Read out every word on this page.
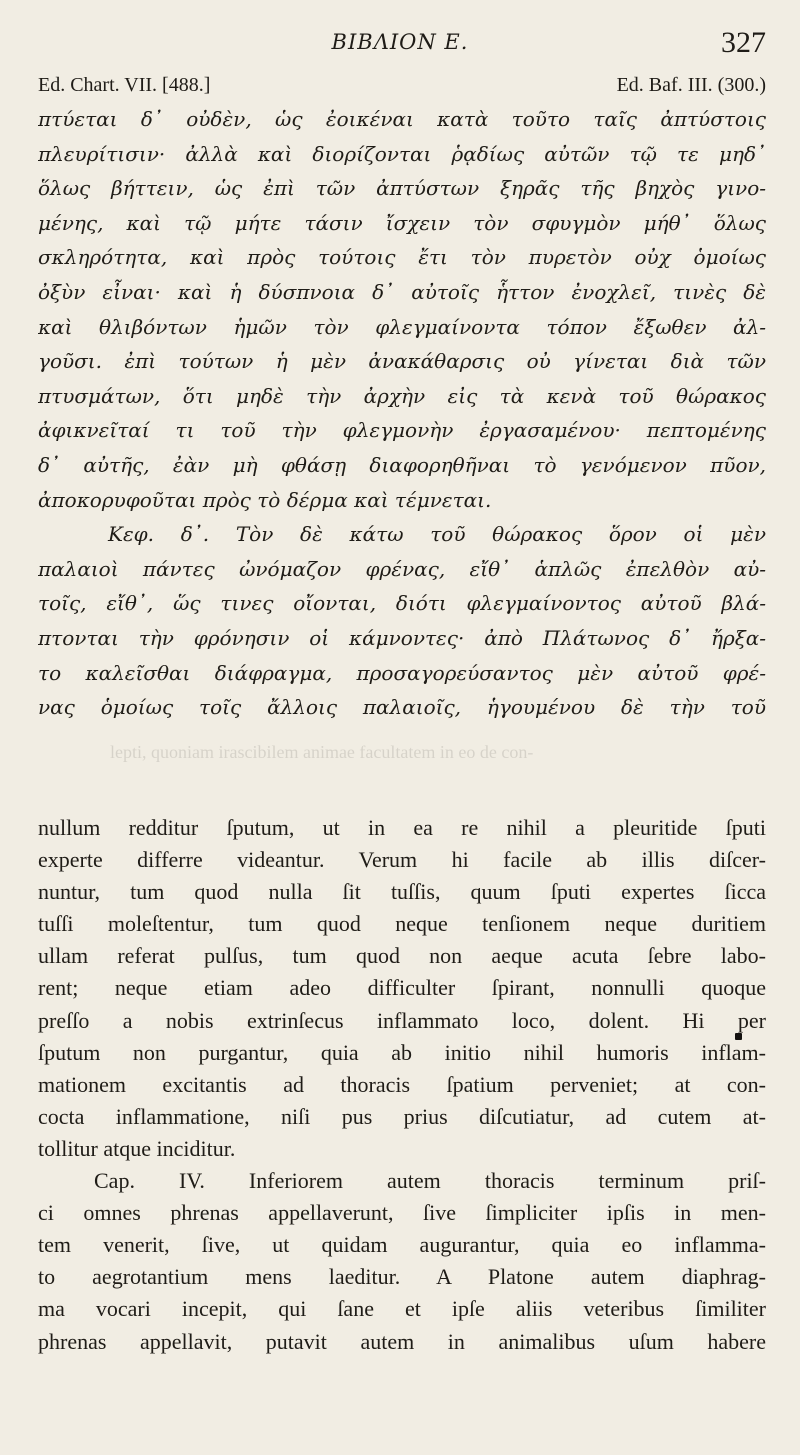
BIBΛION E.	327
Ed. Chart. VII. [488.]	Ed. Baf. III. (300.)
πτύεται δ᾽ οὐδὲν, ὡς ἐοικέναι κατὰ τοῦτο ταῖς ἀπτύστοις
πλευρίτισιν· ἀλλὰ καὶ διορίζονται ῥᾳδίως αὐτῶν τῷ τε μηδ᾽
ὅλως βήττειν, ὡς ἐπὶ τῶν ἀπτύστων ξηρᾶς τῆς βηχὸς γινο-
μένης, καὶ τῷ μήτε τάσιν ἴσχειν τὸν σφυγμὸν μήθ᾽ ὅλως
σκληρότητα, καὶ πρὸς τούτοις ἔτι τὸν πυρετὸν οὐχ ὁμοίως
ὀξὺν εἶναι· καὶ ἡ δύσπνοια δ᾽ αὐτοῖς ἧττον ἐνοχλεῖ, τινὲς δὲ
καὶ θλιβόντων ἡμῶν τὸν φλεγμαίνοντα τόπον ἔξωθεν ἀλ-
γοῦσι. ἐπὶ τούτων ἡ μὲν ἀνακάθαρσις οὐ γίνεται διὰ τῶν
πτυσμάτων, ὅτι μηδὲ τὴν ἀρχὴν εἰς τὰ κενὰ τοῦ θώρακος
ἀφικνεῖταί τι τοῦ τὴν φλεγμονὴν ἐργασαμένου· πεπτομένης
δ᾽ αὐτῆς, ἐὰν μὴ φθάσῃ διαφορηθῆναι τὸ γενόμενον πῦον,
ἀποκορυφοῦται πρὸς τὸ δέρμα καὶ τέμνεται.
Κεφ. δ᾽. Τὸν δὲ κάτω τοῦ θώρακος ὅρον οἱ μὲν
παλαιοὶ πάντες ὠνόμαζον φρένας, εἴθ᾽ ἁπλῶς ἐπελθὸν αὐ-
τοῖς, εἴθ᾽, ὥς τινες οἴονται, διότι φλεγμαίνοντος αὐτοῦ βλά-
πτονται τὴν φρόνησιν οἱ κάμνοντες· ἀπὸ Πλάτωνος δ᾽ ἤρξα-
το καλεῖσθαι διάφραγμα, προσαγορεύσαντος μὲν αὐτοῦ φρέ-
νας ὁμοίως τοῖς ἄλλοις παλαιοῖς, ἡγουμένου δὲ τὴν τοῦ
lepti, quoniam irascibilem animae facultatem in eo de con-
nullum redditur ſputum, ut in ea re nihil a pleuritide ſputi
experte differre videantur. Verum hi facile ab illis diſcer-
nuntur, tum quod nulla ſit tuſſis, quum ſputi expertes ſicca
tuſſi moleſtentur, tum quod neque tenſionem neque duritiem
ullam referat pulſus, tum quod non aeque acuta ſebre labo-
rent; neque etiam adeo difficulter ſpirant, nonnulli quoque
preſſo a nobis extrinſecus inflammato loco, dolent. Hi per
ſputum non purgantur, quia ab initio nihil humoris inflam-
mationem excitantis ad thoracis ſpatium perveniet; at con-
cocta inflammatione, niſi pus prius diſcutiatur, ad cutem at-
tollitur atque inciditur.
Cap. IV. Inferiorem autem thoracis terminum priſ-
ci omnes phrenas appellaverunt, ſive ſimpliciter ipſis in men-
tem venerit, ſive, ut quidam augurantur, quia eo inflamma-
to aegrotantium mens laeditur. A Platone autem diaphrag-
ma vocari incepit, qui ſane et ipſe aliis veteribus ſimiliter
phrenas appellavit, putavit autem in animalibus uſum habere
